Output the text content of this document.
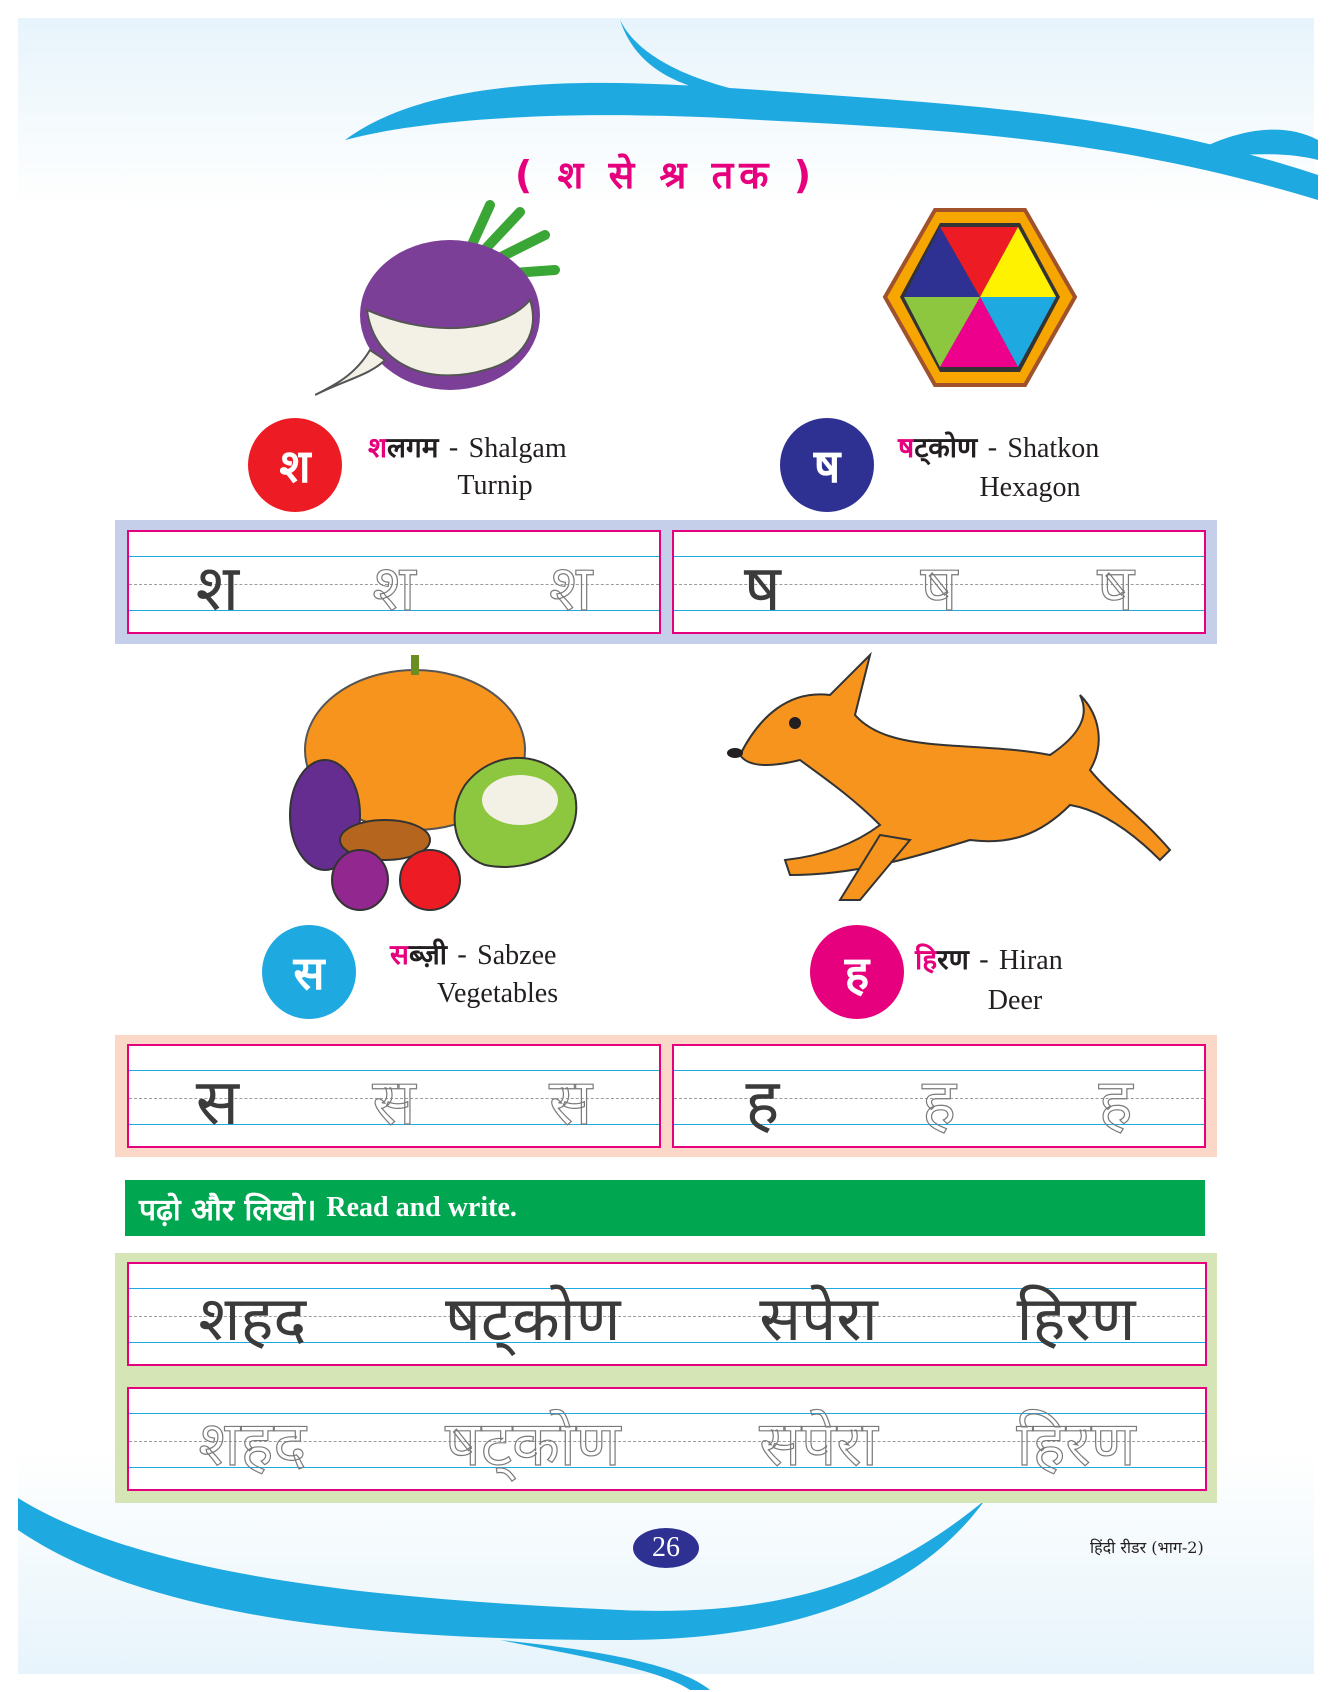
( श से श्र तक )
श	शलगम - Shalgam
Turnip	ष	षट्कोण - Shatkon
Hexagon
श श श ष ष ष
स	सब्ज़ी - Sabzee
Vegetables	ह	हिरण - Hiran
Deer
स स स ह ह ह
पढ़ो और लिखो। Read and write.
शहद षट्कोण सपेरा हिरण
शहद षट्कोण सपेरा हिरण
26	हिंदी रीडर (भाग-2)
